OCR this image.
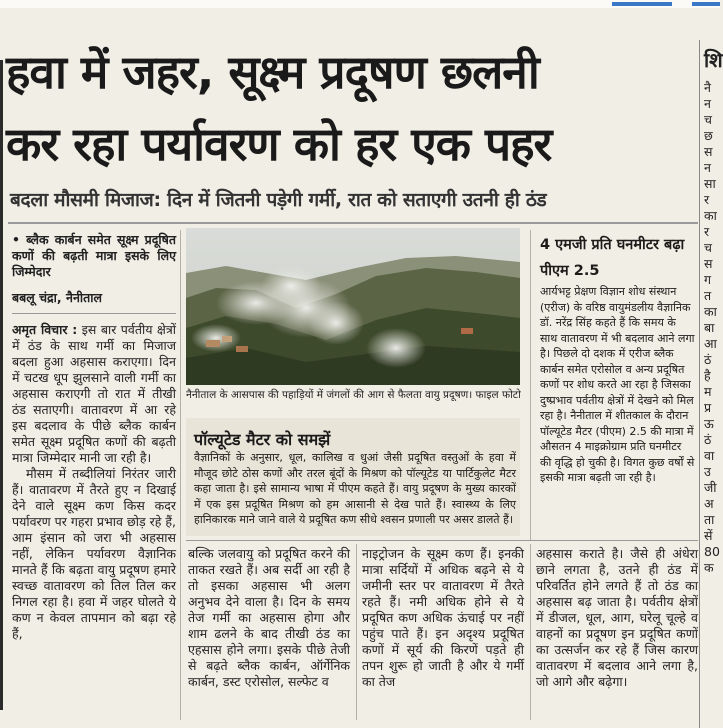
हवा में जहर, सूक्ष्म प्रदूषण छलनी
कर रहा पर्यावरण को हर एक पहर
बदला मौसमी मिजाज: दिन में जितनी पड़ेगी गर्मी, रात को सताएगी उतनी ही ठंड
• ब्लैक कार्बन समेत सूक्ष्म प्रदूषित कणों की बढ़ती मात्रा इसके लिए जिम्मेदार
बबलू चंद्रा, नैनीताल

अमृत विचार : इस बार पर्वतीय क्षेत्रों में ठंड के साथ गर्मी का मिजाज बदला हुआ अहसास कराएगा। दिन में चटख धूप झुलसाने वाली गर्मी का अहसास कराएगी तो रात में तीखी ठंड सताएगी। वातावरण में आ रहे इस बदलाव के पीछे ब्लैक कार्बन समेत सूक्ष्म प्रदूषित कणों की बढ़ती मात्रा जिम्मेदार मानी जा रही है।

मौसम में तब्दीलियां निरंतर जारी हैं। वातावरण में तैरते हुए न दिखाई देने वाले सूक्ष्म कण किस कदर पर्यावरण पर गहरा प्रभाव छोड़ रहे हैं, आम इंसान को जरा भी अहसास नहीं, लेकिन पर्यावरण वैज्ञानिक मानते हैं कि बढ़ता वायु प्रदूषण हमारे स्वच्छ वातावरण को तिल तिल कर निगल रहा है। हवा में जहर घोलते ये कण न केवल तापमान को बढ़ा रहे हैं,

नैनीताल के आसपास की पहाड़ियों में जंगलों की आग से फैलता वायु प्रदूषण। फाइल फोटो
पॉल्यूटेड मैटर को समझें
वैज्ञानिकों के अनुसार, धूल, कालिख व धुआं जैसी प्रदूषित वस्तुओं के हवा में मौजूद छोटे ठोस कणों और तरल बूंदों के मिश्रण को पॉल्यूटेड या पार्टिकुलेट मैटर कहा जाता है। इसे सामान्य भाषा में पीएम कहते हैं। वायु प्रदूषण के मुख्य कारकों में एक इस प्रदूषित मिश्रण को हम आसानी से देख पाते हैं। स्वास्थ्य के लिए हानिकारक माने जाने वाले ये प्रदूषित कण सीधे श्वसन प्रणाली पर असर डालते हैं।
4 एमजी प्रति घनमीटर बढ़ा पीएम 2.5
आर्यभट्ट प्रेक्षण विज्ञान शोध संस्थान (एरीज) के वरिष्ठ वायुमंडलीय वैज्ञानिक डॉ. नरेंद्र सिंह कहते हैं कि समय के साथ वातावरण में भी बदलाव आने लगा है। पिछले दो दशक में एरीज ब्लैक कार्बन समेत एरोसोल व अन्य प्रदूषित कणों पर शोध करते आ रहा है जिसका दुष्प्रभाव पर्वतीय क्षेत्रों में देखने को मिल रहा है। नैनीताल में शीतकाल के दौरान पॉल्यूटेड मैटर (पीएम) 2.5 की मात्रा में औसतन 4 माइक्रोग्राम प्रति घनमीटर की वृद्धि हो चुकी है। विगत कुछ वर्षों से इसकी मात्रा बढ़ती जा रही है।
बल्कि जलवायु को प्रदूषित करने की ताकत रखते हैं। अब सर्दी आ रही है तो इसका अहसास भी अलग अनुभव देने वाला है। दिन के समय तेज गर्मी का अहसास होगा और शाम ढलने के बाद तीखी ठंड का एहसास होने लगा। इसके पीछे तेजी से बढ़ते ब्लैक कार्बन, ऑर्गेनिक कार्बन, डस्ट एरोसोल, सल्फेट व
नाइट्रोजन के सूक्ष्म कण हैं। इनकी मात्रा सर्दियों में अधिक बढ़ने से ये जमीनी स्तर पर वातावरण में तैरते रहते हैं। नमी अधिक होने से ये प्रदूषित कण अधिक ऊंचाई पर नहीं पहुंच पाते हैं। इन अदृश्य प्रदूषित कणों में सूर्य की किरणें पड़ते ही तपन शुरू हो जाती है और ये गर्मी का तेज
अहसास कराते है। जैसे ही अंधेरा छाने लगता है, उतने ही ठंड में परिवर्तित होने लगते हैं तो ठंड का अहसास बढ़ जाता है। पर्वतीय क्षेत्रों में डीजल, धूल, आग, घरेलू चूल्हे व वाहनों का प्रदूषण इन प्रदूषित कणों का उत्सर्जन कर रहे हैं जिस कारण वातावरण में बदलाव आने लगा है, जो आगे और बढ़ेगा।
शि
नै
न
च
छ
स
न
सा
र
का
र
च
स
ग
त
का
बा
आ
ठं
है
म
प्र
ऊ
ठं
वा
उ
जी
अ
ता
सें
80
क
